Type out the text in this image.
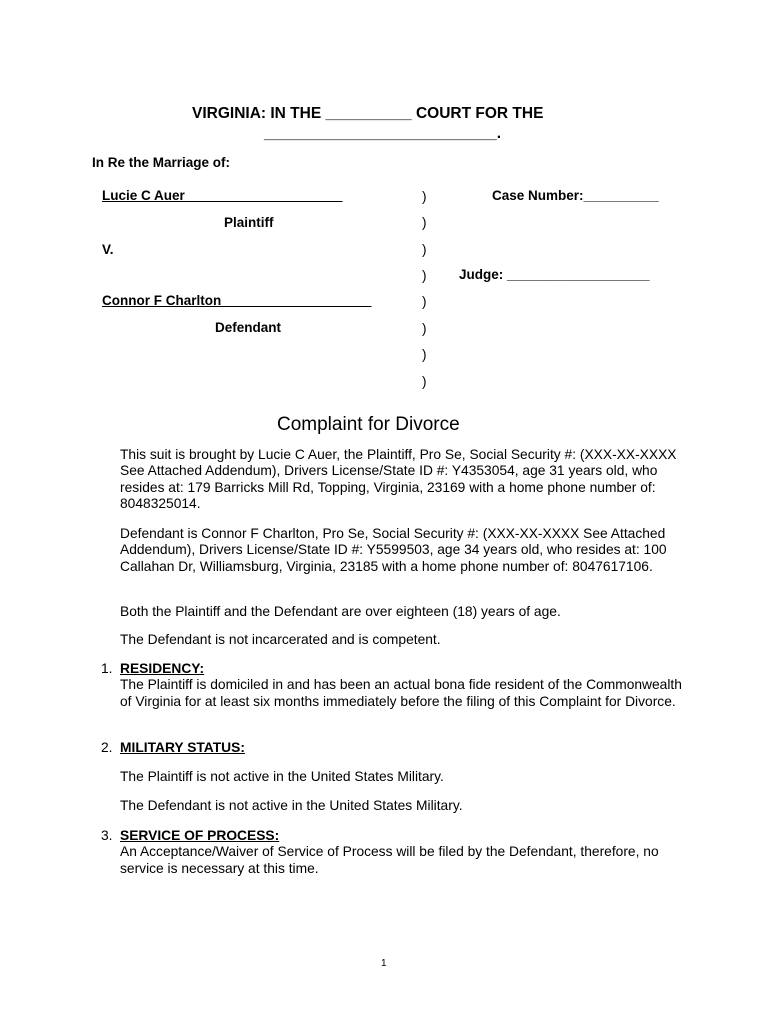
VIRGINIA: IN THE __________ COURT FOR THE
___________________________.
In Re the Marriage of:
Lucie C Auer_____________________
Plaintiff
V.
Connor F Charlton____________________
Defendant
)
)
)
)
)
)
)
)
Case Number:__________
Judge: ___________________
Complaint for Divorce

This suit is brought by Lucie C Auer, the Plaintiff, Pro Se, Social Security #: (XXX-XX-XXXX See Attached Addendum), Drivers License/State ID #: Y4353054, age 31 years old, who resides at: 179 Barricks Mill Rd, Topping, Virginia, 23169 with a home phone number of: 8048325014.

Defendant is Connor F Charlton, Pro Se, Social Security #: (XXX-XX-XXXX See Attached Addendum), Drivers License/State ID #: Y5599503, age 34 years old, who resides at: 100 Callahan Dr, Williamsburg, Virginia, 23185 with a home phone number of: 8047617106.

Both the Plaintiff and the Defendant are over eighteen (18) years of age.

The Defendant is not incarcerated and is competent.

1. RESIDENCY:
The Plaintiff is domiciled in and has been an actual bona fide resident of the Commonwealth of Virginia for at least six months immediately before the filing of this Complaint for Divorce.
2. MILITARY STATUS:

The Plaintiff is not active in the United States Military.

The Defendant is not active in the United States Military.

3. SERVICE OF PROCESS:
An Acceptance/Waiver of Service of Process will be filed by the Defendant, therefore, no service is necessary at this time.
1
